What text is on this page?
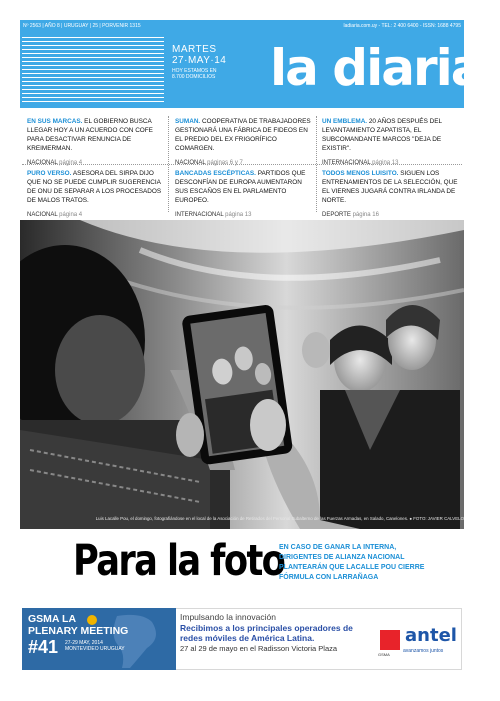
Nº 2563 | AÑO 8 | URUGUAY | 25 | PORVENIR 1315	ladiaria.com.uy - TEL: 2 400 6400 - ISSN: 1688 4795
MARTES
27·MAY·14
HOY ESTAMOS EN
8.700 DOMICILIOS la diaria
EN SUS MARCAS. EL GOBIERNO BUSCA LLEGAR HOY A UN ACUERDO CON COFE PARA DESACTIVAR RENUNCIA DE KREIMERMAN.
NACIONAL página 4
SUMAN. COOPERATIVA DE TRABAJADORES GESTIONARÁ UNA FÁBRICA DE FIDEOS EN EL PREDIO DEL EX FRIGORÍFICO COMARGEN.
NACIONAL páginas 6 y 7
UN EMBLEMA. 20 AÑOS DESPUÉS DEL LEVANTAMIENTO ZAPATISTA, EL SUBCOMANDANTE MARCOS "DEJA DE EXISTIR".
INTERNACIONAL página 13
PURO VERSO. ASESORA DEL SIRPA DIJO QUE NO SE PUEDE CUMPLIR SUGERENCIA DE ONU DE SEPARAR A LOS PROCESADOS DE MALOS TRATOS.
NACIONAL página 4
BANCADAS ESCÉPTICAS. PARTIDOS QUE DESCONFÍAN DE EUROPA AUMENTARON SUS ESCAÑOS EN EL PARLAMENTO EUROPEO.
INTERNACIONAL página 13
TODOS MENOS LUISITO. SIGUEN LOS ENTRENAMIENTOS DE LA SELECCIÓN, QUE EL VIERNES JUGARÁ CONTRA IRLANDA DE NORTE.
DEPORTE página 16
Luis Lacalle Pou, el domingo, fotografiándose en el local de la Asociación de Retirados del Personal Subalterno de las Fuerzas Armadas, en Salado, Canelones. ● FOTO: JAVIER CALVELO
Para la foto
EN CASO DE GANAR LA INTERNA, DIRIGENTES DE ALIANZA NACIONAL PLANTEARÁN QUE LACALLE POU CIERRE FÓRMULA CON LARRAÑAGA
GSMA LA
PLENARY MEETING
#41 27-29 MAY, 2014
MONTEVIDEO URUGUAY
Impulsando la innovación
Recibimos a los principales operadores de redes móviles de América Latina.
27 al 29 de mayo en el Radisson Victoria Plaza
GSMA
antel
avanzamos juntos
